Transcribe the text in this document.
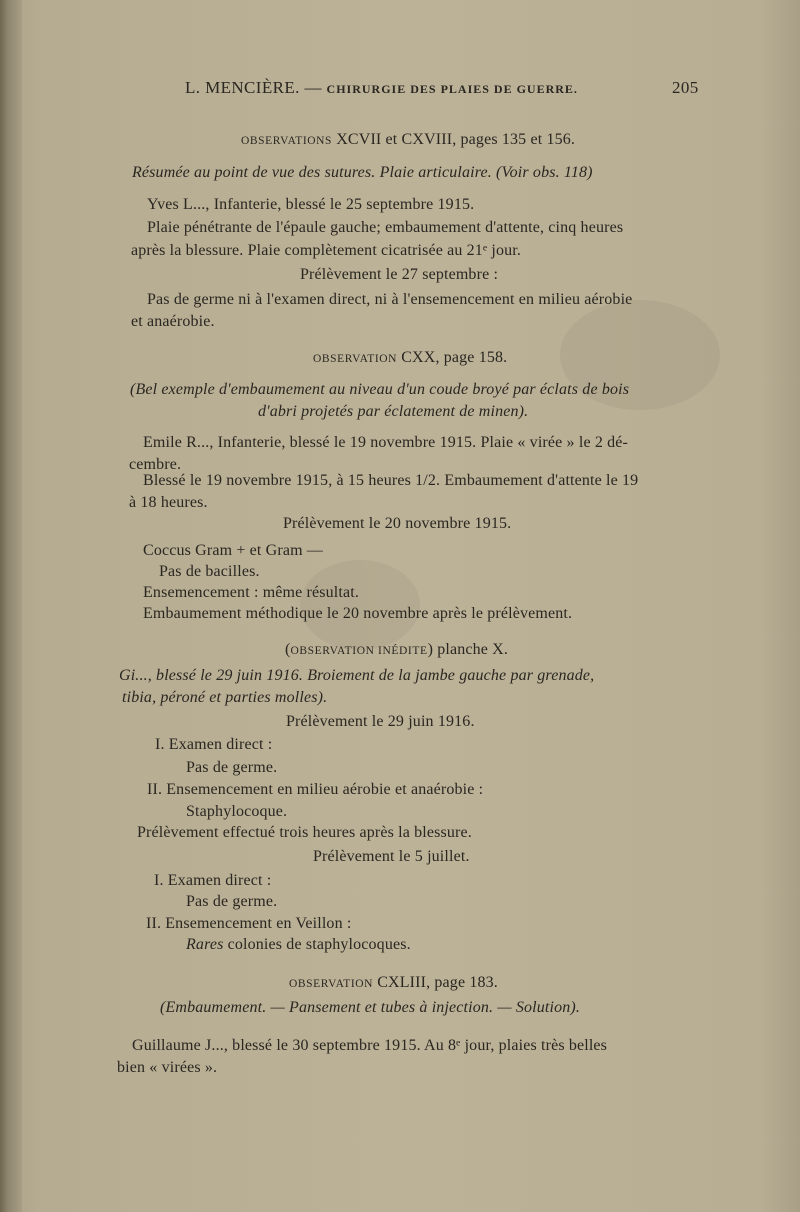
L. MENCIÈRE. — CHIRURGIE DES PLAIES DE GUERRE.	205
OBSERVATIONS XCVII et CXVIII, pages 135 et 156.
Résumée au point de vue des sutures. Plaie articulaire. (Voir obs. 118)
Yves L..., Infanterie, blessé le 25 septembre 1915.
Plaie pénétrante de l'épaule gauche; embaumement d'attente, cinq heures
après la blessure. Plaie complètement cicatrisée au 21ᵉ jour.
Prélèvement le 27 septembre :
Pas de germe ni à l'examen direct, ni à l'ensemencement en milieu aérobie
et anaérobie.
OBSERVATION CXX, page 158.
(Bel exemple d'embaumement au niveau d'un coude broyé par éclats de bois
d'abri projetés par éclatement de minen).
Emile R..., Infanterie, blessé le 19 novembre 1915. Plaie « virée » le 2 dé-
cembre.
Blessé le 19 novembre 1915, à 15 heures 1/2. Embaumement d'attente le 19
à 18 heures.
Prélèvement le 20 novembre 1915.
Coccus Gram + et Gram —
Pas de bacilles.
Ensemencement : même résultat.
Embaumement méthodique le 20 novembre après le prélèvement.
(OBSERVATION INÉDITE) planche X.
Gi..., blessé le 29 juin 1916. Broiement de la jambe gauche par grenade,
tibia, péroné et parties molles).
Prélèvement le 29 juin 1916.
I. Examen direct :
Pas de germe.
II. Ensemencement en milieu aérobie et anaérobie :
Staphylocoque.
Prélèvement effectué trois heures après la blessure.
Prélèvement le 5 juillet.
I. Examen direct :
Pas de germe.
II. Ensemencement en Veillon :
Rares colonies de staphylocoques.
OBSERVATION CXLIII, page 183.
(Embaumement. — Pansement et tubes à injection. — Solution).
Guillaume J..., blessé le 30 septembre 1915. Au 8ᵉ jour, plaies très belles
bien « virées ».
